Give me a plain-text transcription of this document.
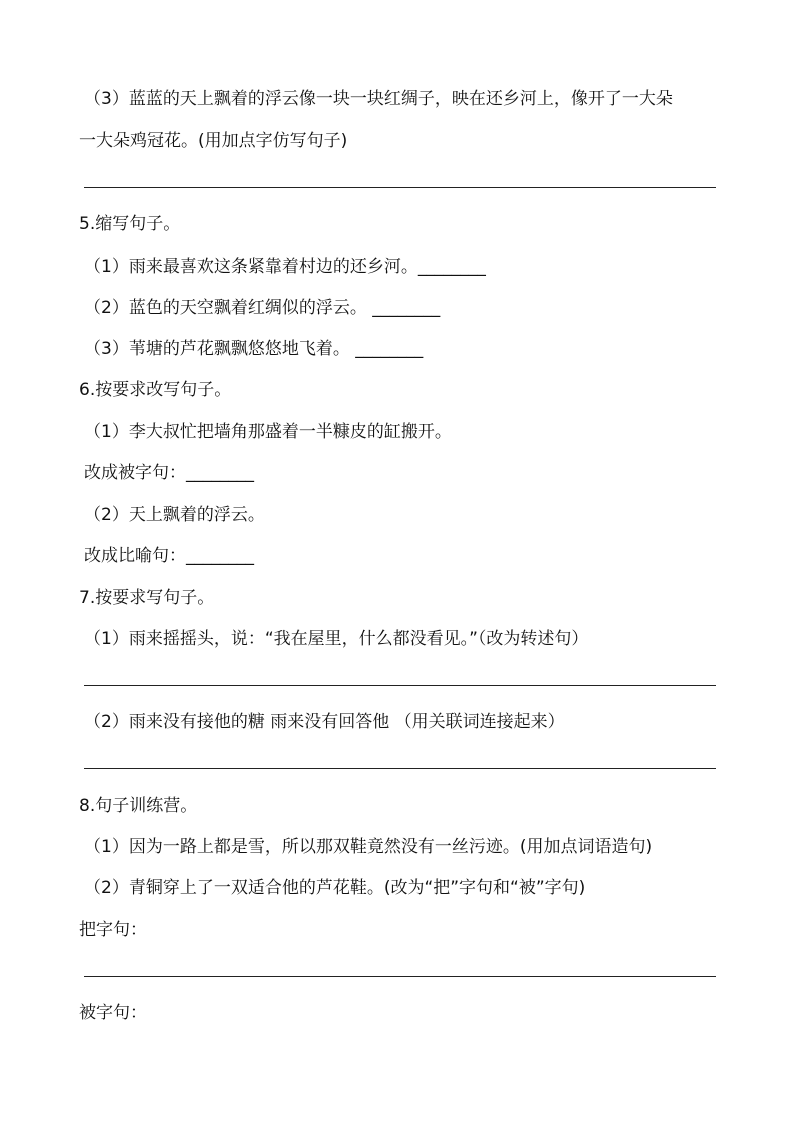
（3）蓝蓝的天上飘着的浮云像一块一块红绸子，映在还乡河上，像开了一大朵
一大朵鸡冠花。(用加点字仿写句子)
5.缩写句子。
（1）雨来最喜欢这条紧靠着村边的还乡河。________
（2）蓝色的天空飘着红绸似的浮云。 ________
（3）苇塘的芦花飘飘悠悠地飞着。 ________
6.按要求改写句子。
（1）李大叔忙把墙角那盛着一半糠皮的缸搬开。
改成被字句：________
（2）天上飘着的浮云。
改成比喻句：________
7.按要求写句子。
（1）雨来摇摇头，说：“我在屋里，什么都没看见。”（改为转述句）
（2）雨来没有接他的糖 雨来没有回答他 （用关联词连接起来）
8.句子训练营。
（1）因为一路上都是雪，所以那双鞋竟然没有一丝污迹。(用加点词语造句)
（2）青铜穿上了一双适合他的芦花鞋。(改为“把”字句和“被”字句)
把字句：
被字句：
